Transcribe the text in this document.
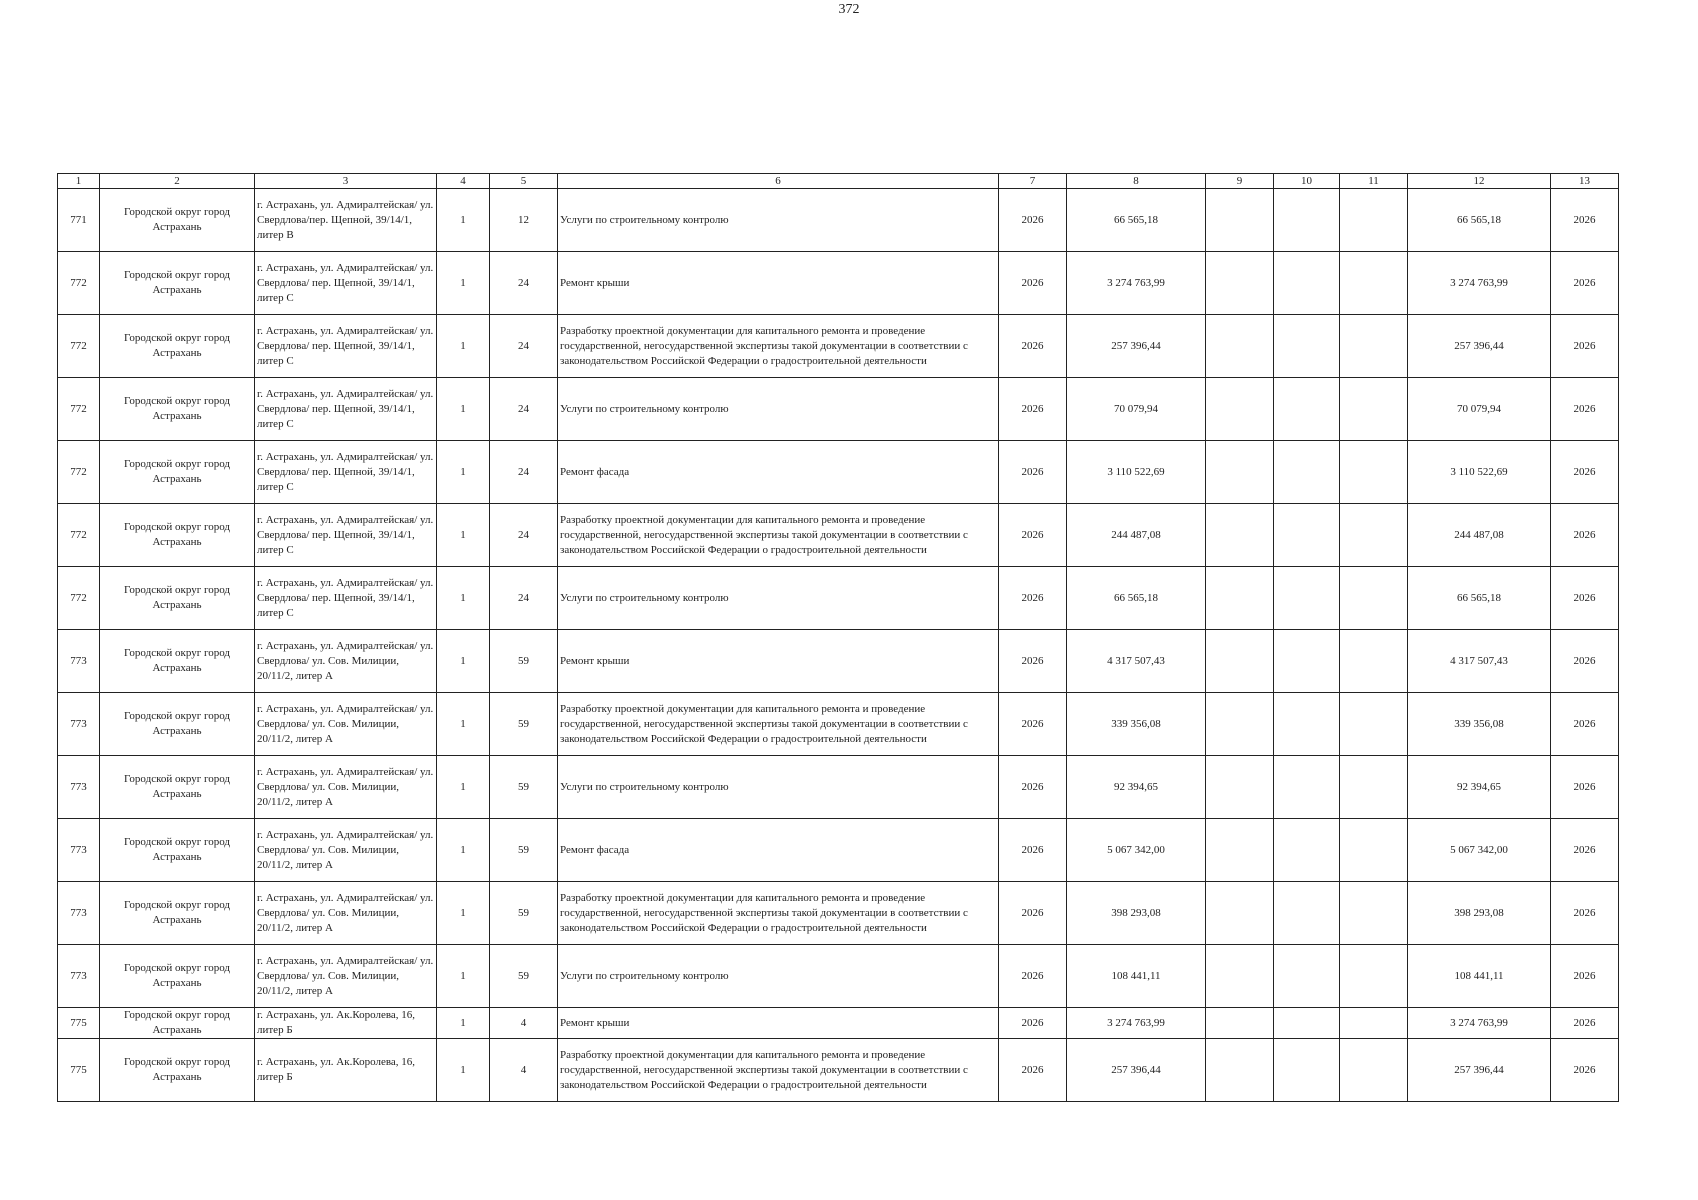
372
1	2	3	4	5	6	7	8	9	10	11	12	13
771	Городской округ город Астрахань	г. Астрахань, ул. Адмиралтейская/ ул. Свердлова/пер. Щепной, 39/14/1, литер В	1	12	Услуги по строительному контролю	2026	66 565,18				66 565,18	2026
772	Городской округ город Астрахань	г. Астрахань, ул. Адмиралтейская/ ул. Свердлова/ пер. Щепной, 39/14/1, литер С	1	24	Ремонт крыши	2026	3 274 763,99				3 274 763,99	2026
772	Городской округ город Астрахань	г. Астрахань, ул. Адмиралтейская/ ул. Свердлова/ пер. Щепной, 39/14/1, литер С	1	24	Разработку проектной документации для капитального ремонта и проведение государственной, негосударственной экспертизы такой документации в соответствии с законодательством Российской Федерации о градостроительной деятельности	2026	257 396,44				257 396,44	2026
772	Городской округ город Астрахань	г. Астрахань, ул. Адмиралтейская/ ул. Свердлова/ пер. Щепной, 39/14/1, литер С	1	24	Услуги по строительному контролю	2026	70 079,94				70 079,94	2026
772	Городской округ город Астрахань	г. Астрахань, ул. Адмиралтейская/ ул. Свердлова/ пер. Щепной, 39/14/1, литер С	1	24	Ремонт фасада	2026	3 110 522,69				3 110 522,69	2026
772	Городской округ город Астрахань	г. Астрахань, ул. Адмиралтейская/ ул. Свердлова/ пер. Щепной, 39/14/1, литер С	1	24	Разработку проектной документации для капитального ремонта и проведение государственной, негосударственной экспертизы такой документации в соответствии с законодательством Российской Федерации о градостроительной деятельности	2026	244 487,08				244 487,08	2026
772	Городской округ город Астрахань	г. Астрахань, ул. Адмиралтейская/ ул. Свердлова/ пер. Щепной, 39/14/1, литер С	1	24	Услуги по строительному контролю	2026	66 565,18				66 565,18	2026
773	Городской округ город Астрахань	г. Астрахань, ул. Адмиралтейская/ ул. Свердлова/ ул. Сов. Милиции, 20/11/2, литер А	1	59	Ремонт крыши	2026	4 317 507,43				4 317 507,43	2026
773	Городской округ город Астрахань	г. Астрахань, ул. Адмиралтейская/ ул. Свердлова/ ул. Сов. Милиции, 20/11/2, литер А	1	59	Разработку проектной документации для капитального ремонта и проведение государственной, негосударственной экспертизы такой документации в соответствии с законодательством Российской Федерации о градостроительной деятельности	2026	339 356,08				339 356,08	2026
773	Городской округ город Астрахань	г. Астрахань, ул. Адмиралтейская/ ул. Свердлова/ ул. Сов. Милиции, 20/11/2, литер А	1	59	Услуги по строительному контролю	2026	92 394,65				92 394,65	2026
773	Городской округ город Астрахань	г. Астрахань, ул. Адмиралтейская/ ул. Свердлова/ ул. Сов. Милиции, 20/11/2, литер А	1	59	Ремонт фасада	2026	5 067 342,00				5 067 342,00	2026
773	Городской округ город Астрахань	г. Астрахань, ул. Адмиралтейская/ ул. Свердлова/ ул. Сов. Милиции, 20/11/2, литер А	1	59	Разработку проектной документации для капитального ремонта и проведение государственной, негосударственной экспертизы такой документации в соответствии с законодательством Российской Федерации о градостроительной деятельности	2026	398 293,08				398 293,08	2026
773	Городской округ город Астрахань	г. Астрахань, ул. Адмиралтейская/ ул. Свердлова/ ул. Сов. Милиции, 20/11/2, литер А	1	59	Услуги по строительному контролю	2026	108 441,11				108 441,11	2026
775	Городской округ город Астрахань	г. Астрахань, ул. Ак.Королева, 16, литер Б	1	4	Ремонт крыши	2026	3 274 763,99				3 274 763,99	2026
775	Городской округ город Астрахань	г. Астрахань, ул. Ак.Королева, 16, литер Б	1	4	Разработку проектной документации для капитального ремонта и проведение государственной, негосударственной экспертизы такой документации в соответствии с законодательством Российской Федерации о градостроительной деятельности	2026	257 396,44				257 396,44	2026
